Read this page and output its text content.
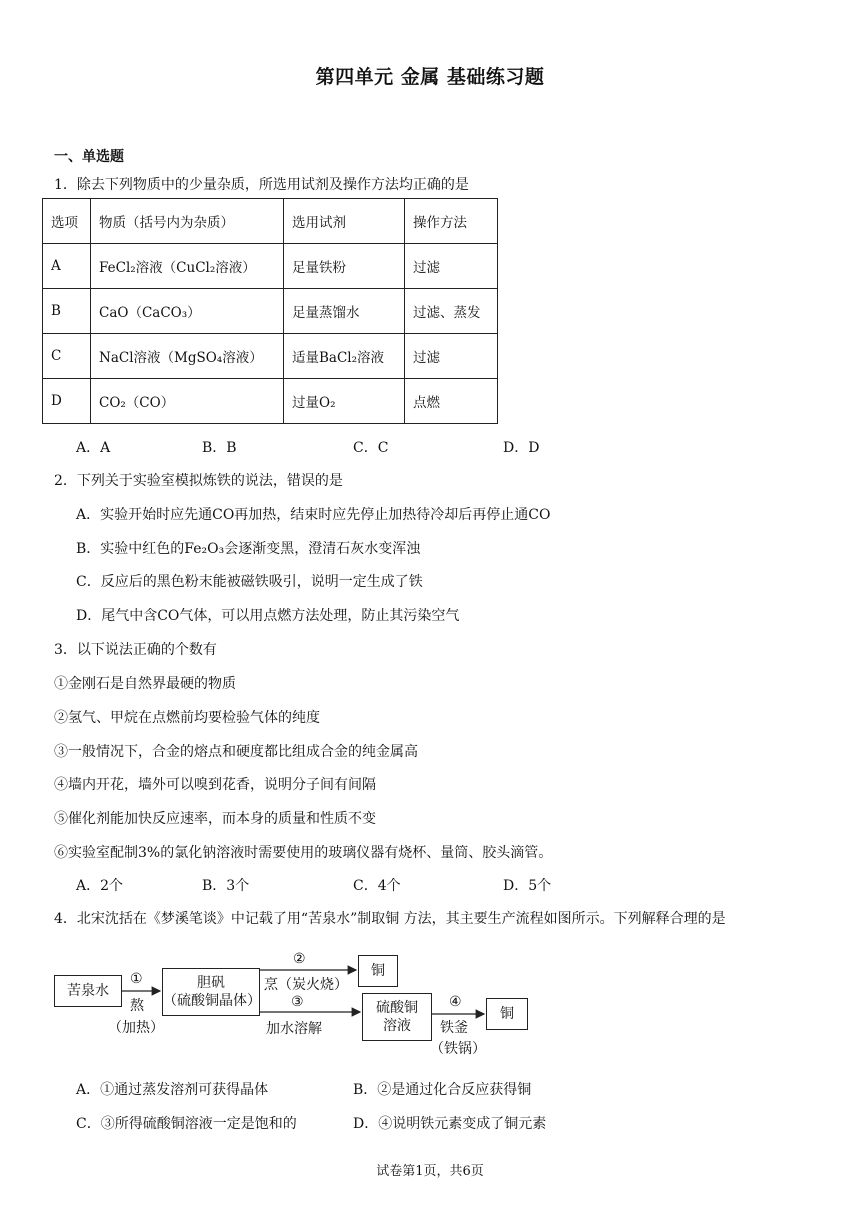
第四单元 金属 基础练习题
一、单选题
1．除去下列物质中的少量杂质，所选用试剂及操作方法均正确的是
选项	物质（括号内为杂质）	选用试剂	操作方法
A	FeCl₂溶液（CuCl₂溶液）	足量铁粉	过滤
B	CaO（CaCO₃）	足量蒸馏水	过滤、蒸发
C	NaCl溶液（MgSO₄溶液）	适量BaCl₂溶液	过滤
D	CO₂（CO）	过量O₂	点燃
A．A	B．B	C．C	D．D
2．下列关于实验室模拟炼铁的说法，错误的是
A．实验开始时应先通CO再加热，结束时应先停止加热待冷却后再停止通CO
B．实验中红色的Fe₂O₃会逐渐变黑，澄清石灰水变浑浊
C．反应后的黑色粉末能被磁铁吸引，说明一定生成了铁
D．尾气中含CO气体，可以用点燃方法处理，防止其污染空气
3．以下说法正确的个数有
①金刚石是自然界最硬的物质
②氢气、甲烷在点燃前均要检验气体的纯度
③一般情况下，合金的熔点和硬度都比组成合金的纯金属高
④墙内开花，墙外可以嗅到花香，说明分子间有间隔
⑤催化剂能加快反应速率，而本身的质量和性质不变
⑥实验室配制3%的氯化钠溶液时需要使用的玻璃仪器有烧杯、量筒、胶头滴管。
A．2个	B．3个	C．4个	D．5个
4．北宋沈括在《梦溪笔谈》中记载了用“苦泉水”制取铜 方法，其主要生产流程如图所示。下列解释合理的是
苦泉水
①
熬
（加热）
胆矾
（硫酸铜晶体）
②
烹（炭火烧）
铜
③
加水溶解
硫酸铜
溶液
④
铁釜
（铁锅）
铜
A．①通过蒸发溶剂可获得晶体	B．②是通过化合反应获得铜
C．③所得硫酸铜溶液一定是饱和的	D．④说明铁元素变成了铜元素
试卷第1页，共6页
